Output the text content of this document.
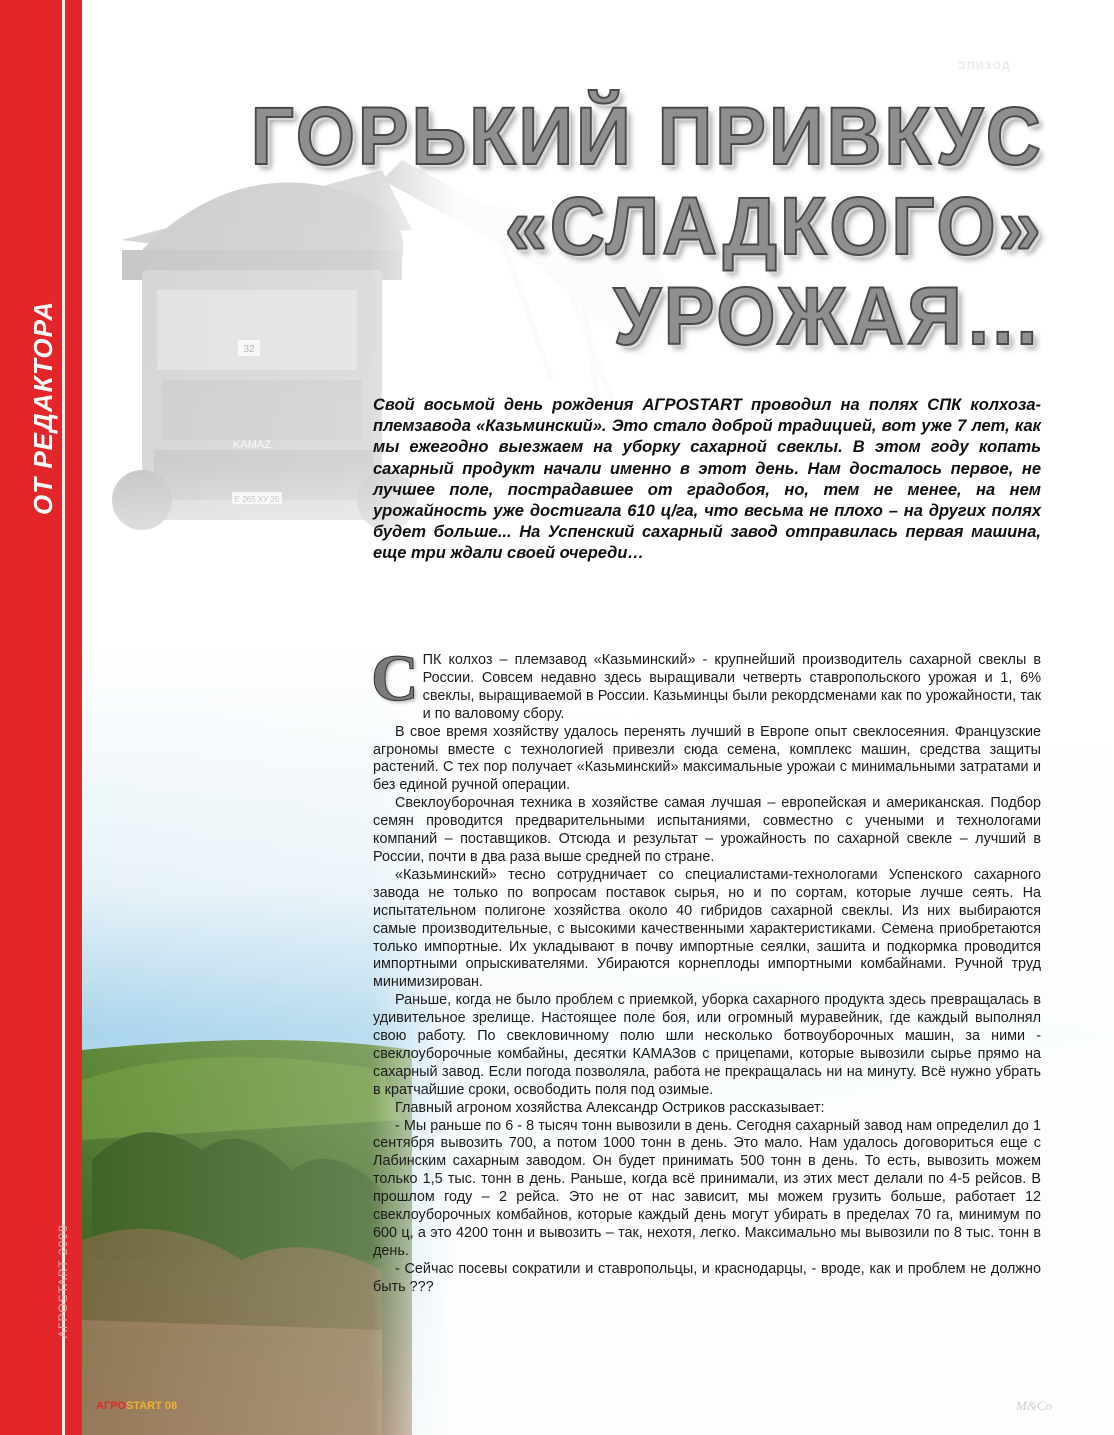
ОТ РЕДАКТОРА
АГРОSTART 2008
ЭПИЗОД
ГОРЬКИЙ ПРИВКУС
«СЛАДКОГО»
УРОЖАЯ…
Свой восьмой день рождения АГРОSTART проводил на полях СПК колхоза-племзавода «Казьминский». Это стало доброй традицией, вот уже 7 лет, как мы ежегодно выезжаем на уборку сахарной свеклы. В этом году копать сахарный продукт начали именно в этот день. Нам досталось первое, не лучшее поле, пострадавшее от градобоя, но, тем не менее, на нем урожайность уже достигала 610 ц/га, что весьма не плохо – на других полях будет больше... На Успенский сахарный завод отправилась первая машина, еще три ждали своей очереди…

СПК колхоз – племзавод «Казьминский» - крупнейший производитель сахарной свеклы в России. Совсем недавно здесь выращивали четверть ставропольского урожая и 1, 6% свеклы, выращиваемой в России. Казьминцы были рекордсменами как по урожайности, так и по валовому сбору.

В свое время хозяйству удалось перенять лучший в Европе опыт свеклосеяния. Французские агрономы вместе с технологией привезли сюда семена, комплекс машин, средства защиты растений. С тех пор получает «Казьминский» максимальные урожаи с минимальными затратами и без единой ручной операции.

Свеклоуборочная техника в хозяйстве самая лучшая – европейская и американская. Подбор семян проводится предварительными испытаниями, совместно с учеными и технологами компаний – поставщиков. Отсюда и результат – урожайность по сахарной свекле – лучший в России, почти в два раза выше средней по стране.

«Казьминский» тесно сотрудничает со специалистами-технологами Успенского сахарного завода не только по вопросам поставок сырья, но и по сортам, которые лучше сеять. На испытательном полигоне хозяйства около 40 гибридов сахарной свеклы. Из них выбираются самые производительные, с высокими качественными характеристиками. Семена приобретаются только импортные. Их укладывают в почву импортные сеялки, зашита и подкормка проводится импортными опрыскивателями. Убираются корнеплоды импортными комбайнами. Ручной труд минимизирован.

Раньше, когда не было проблем с приемкой, уборка сахарного продукта здесь превращалась в удивительное зрелище. Настоящее поле боя, или огромный муравейник, где каждый выполнял свою работу. По свекловичному полю шли несколько ботвоуборочных машин, за ними - свеклоуборочные комбайны, десятки КАМАЗов с прицепами, которые вывозили сырье прямо на сахарный завод. Если погода позволяла, работа не прекращалась ни на минуту. Всё нужно убрать в кратчайшие сроки, освободить поля под озимые.

Главный агроном хозяйства Александр Остриков рассказывает:

- Мы раньше по 6 - 8 тысяч тонн вывозили в день. Сегодня сахарный завод нам определил до 1 сентября вывозить 700, а потом 1000 тонн в день. Это мало. Нам удалось договориться еще с Лабинским сахарным заводом. Он будет принимать 500 тонн в день. То есть, вывозить можем только 1,5 тыс. тонн в день. Раньше, когда всё принимали, из этих мест делали по 4-5 рейсов. В прошлом году – 2 рейса. Это не от нас зависит, мы можем грузить больше, работает 12 свеклоуборочных комбайнов, которые каждый день могут убирать в пределах 70 га, минимум по 600 ц, а это 4200 тонн и вывозить – так, нехотя, легко. Максимально мы вывозили по 8 тыс. тонн в день.

- Сейчас посевы сократили и ставропольцы, и краснодарцы, - вроде, как и проблем не должно быть ???

АГРОSTART 08	M&Co
